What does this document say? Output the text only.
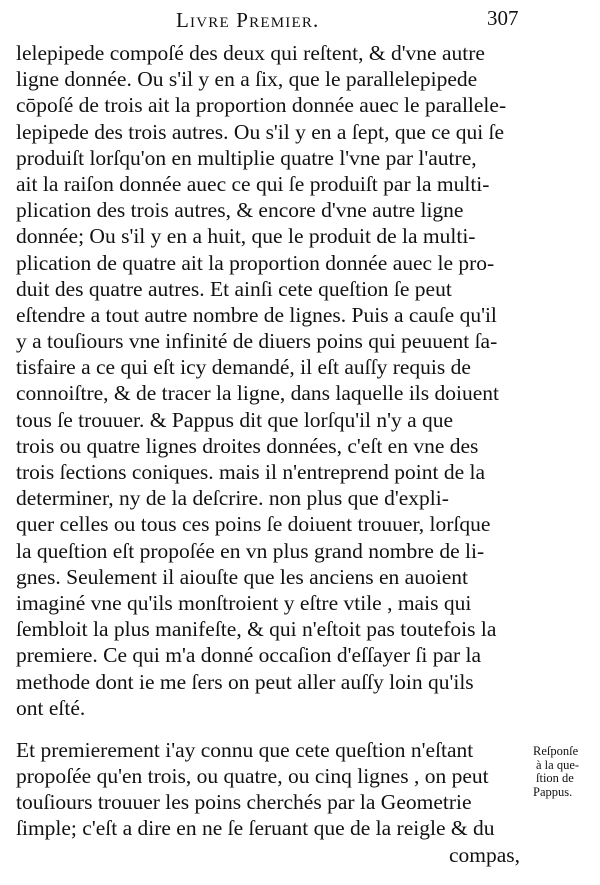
Livre Premier.	307
lelepipede compoſé des deux qui reſtent, & d'vne autre
ligne donnée. Ou s'il y en a ſix, que le parallelepipede
cōpoſé de trois ait la proportion donnée auec le parallele-
lepipede des trois autres. Ou s'il y en a ſept, que ce qui ſe
produiſt lorſqu'on en multiplie quatre l'vne par l'autre,
ait la raiſon donnée auec ce qui ſe produiſt par la multi-
plication des trois autres, & encore d'vne autre ligne
donnée; Ou s'il y en a huit, que le produit de la multi-
plication de quatre ait la proportion donnée auec le pro-
duit des quatre autres. Et ainſi cete queſtion ſe peut
eſtendre a tout autre nombre de lignes. Puis a cauſe qu'il
y a touſiours vne infinité de diuers poins qui peuuent ſa-
tisfaire a ce qui eſt icy demandé, il eſt auſſy requis de
connoiſtre, & de tracer la ligne, dans laquelle ils doiuent
tous ſe trouuer. & Pappus dit que lorſqu'il n'y a que
trois ou quatre lignes droites données, c'eſt en vne des
trois ſections coniques. mais il n'entreprend point de la
determiner, ny de la deſcrire. non plus que d'expli-
quer celles ou tous ces poins ſe doiuent trouuer, lorſque
la queſtion eſt propoſée en vn plus grand nombre de li-
gnes. Seulement il aiouſte que les anciens en auoient
imaginé vne qu'ils monſtroient y eſtre vtile , mais qui
ſembloit la plus manifeſte, & qui n'eſtoit pas toutefois la
premiere. Ce qui m'a donné occaſion d'eſſayer ſi par la
methode dont ie me ſers on peut aller auſſy loin qu'ils
ont eſté.
Et premierement i'ay connu que cete queſtion n'eſtant
propoſée qu'en trois, ou quatre, ou cinq lignes , on peut
touſiours trouuer les poins cherchés par la Geometrie
ſimple; c'eſt a dire en ne ſe ſeruant que de la reigle & du
compas,
Reſponſe
à la que-
ſtion de
Pappus.
